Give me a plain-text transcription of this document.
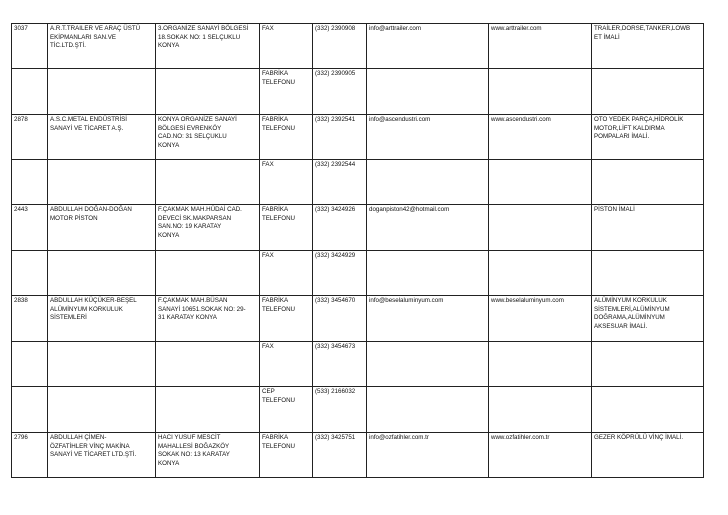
3037	A.R.T.TRAILER VE ARAÇ ÜSTÜ
EKİPMANLARI SAN.VE
TİC.LTD.ŞTİ.	3.ORGANİZE SANAYİ BÖLGESİ
18.SOKAK NO: 1 SELÇUKLU
KONYA	FAX	(332) 2390908	info@arttrailer.com	www.arttrailer.com	TRAİLER,DORSE,TANKER,LOWB
ET İMALİ
			FABRİKA
TELEFONU	(332) 2390905			
2878	A.S.C.METAL ENDÜSTRİSİ
SANAYİ VE TİCARET A.Ş.	KONYA ORGANİZE SANAYİ
BÖLGESİ EVRENKÖY
CAD.NO: 31 SELÇUKLU
KONYA	FABRİKA
TELEFONU	(332) 2392541	info@ascendustri.com	www.ascendustri.com	OTO YEDEK PARÇA,HİDROLİK
MOTOR,LİFT KALDIRMA
POMPALARI İMALİ.
			FAX	(332) 2392544			
2443	ABDULLAH DOĞAN-DOĞAN
MOTOR PİSTON	F.ÇAKMAK MAH.HÜDAİ CAD.
DEVECİ SK.MAKPARSAN
SAN.NO: 19 KARATAY
KONYA	FABRİKA
TELEFONU	(332) 3424926	doganpiston42@hotmail.com		PİSTON İMALİ
			FAX	(332) 3424929			
2838	ABDULLAH KÜÇÜKER-BEŞEL
ALÜMİNYUM KORKULUK
SİSTEMLERİ	F.ÇAKMAK MAH.BÜSAN
SANAYİ 10651.SOKAK NO: 29-
31 KARATAY KONYA	FABRİKA
TELEFONU	(332) 3454670	info@beselaluminyum.com	www.beselaluminyum.com	ALÜMİNYUM KORKULUK
SİSTEMLERİ,ALÜMİNYUM
DOĞRAMA,ALÜMİNYUM
AKSESUAR İMALİ.
			FAX	(332) 3454673			
			CEP
TELEFONU	(533) 2166032			
2796	ABDULLAH ÇİMEN-
ÖZFATİHLER VİNÇ MAKİNA
SANAYİ VE TİCARET LTD.ŞTİ.	HACI YUSUF MESCİT
MAHALLESİ BOĞAZKÖY
SOKAK NO: 13 KARATAY
KONYA	FABRİKA
TELEFONU	(332) 3425751	info@ozfatihler.com.tr	www.ozfatihler.com.tr	GEZER KÖPRÜLÜ VİNÇ İMALİ.
